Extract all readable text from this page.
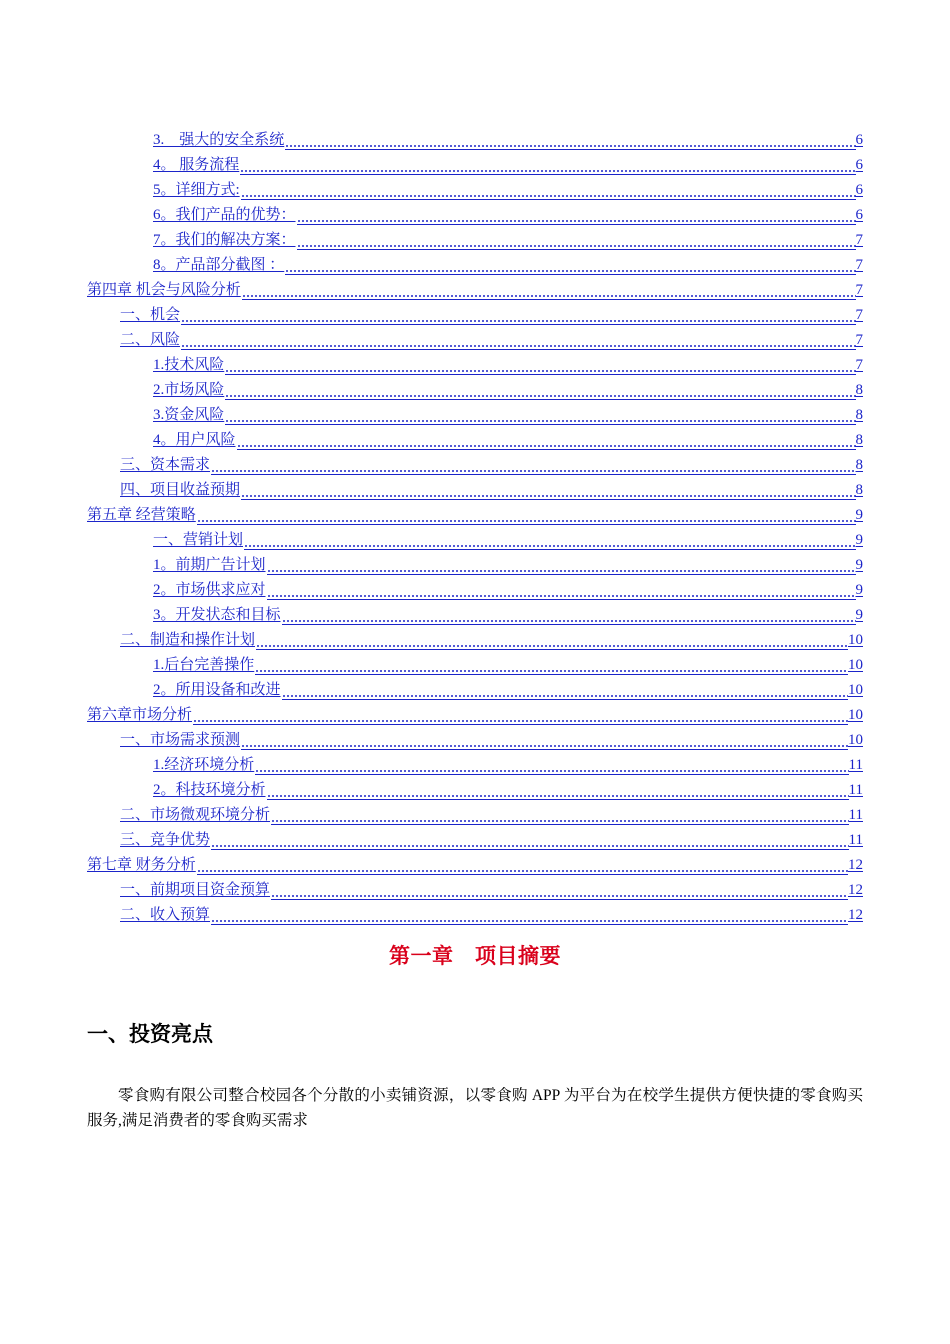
3.　强大的安全系统	6
4。 服务流程	6
5。详细方式:	6
6。我们产品的优势：	6
7。我们的解决方案：	7
8。产品部分截图 ：	7
第四章 机会与风险分析	7
一、机会	7
二、风险	7
1.技术风险	7
2.市场风险	8
3.资金风险	8
4。用户风险	8
三、资本需求	8
四、项目收益预期	8
第五章 经营策略	9
一、营销计划	9
1。前期广告计划	9
2。市场供求应对	9
3。开发状态和目标	9
二、制造和操作计划	10
1.后台完善操作	10
2。所用设备和改进	10
第六章市场分析	10
一、市场需求预测	10
1.经济环境分析	11
2。科技环境分析	11
二、市场微观环境分析	11
三、竞争优势	11
第七章 财务分析	12
一、前期项目资金预算	12
二、收入预算	12
第一章　项目摘要
一、投资亮点

零食购有限公司整合校园各个分散的小卖铺资源，以零食购 APP 为平台为在校学生提供方便快捷的零食购买服务,满足消费者的零食购买需求
